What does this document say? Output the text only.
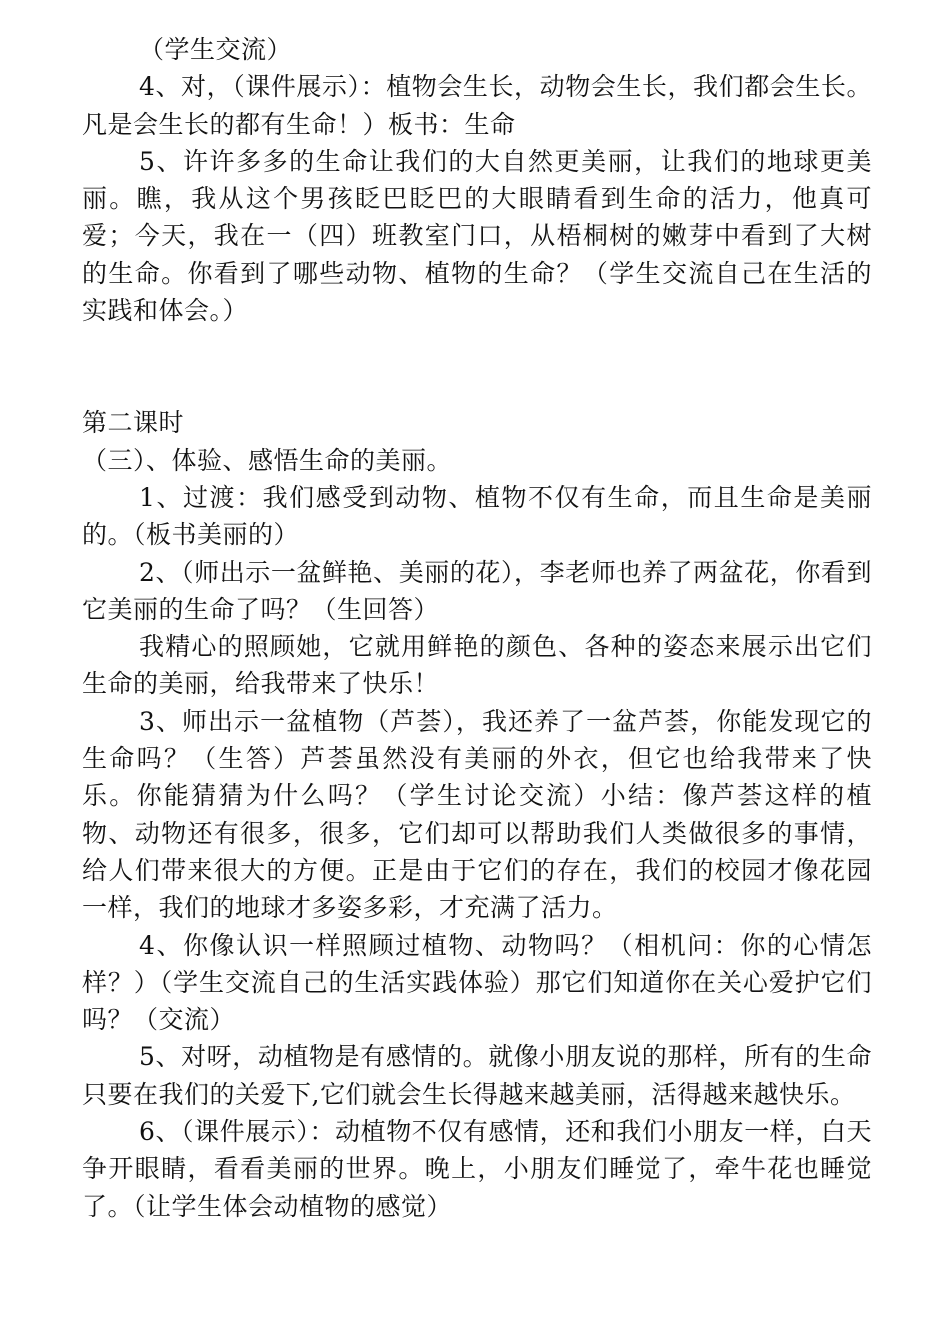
（学生交流）

4、对，（课件展示）：植物会生长，动物会生长，我们都会生长。凡是会生长的都有生命！）板书：生命

5、许许多多的生命让我们的大自然更美丽，让我们的地球更美丽。瞧，我从这个男孩眨巴眨巴的大眼睛看到生命的活力，他真可爱；今天，我在一（四）班教室门口，从梧桐树的嫩芽中看到了大树的生命。你看到了哪些动物、植物的生命？（学生交流自己在生活的实践和体会。）

第二课时

（三）、体验、感悟生命的美丽。

1、过渡：我们感受到动物、植物不仅有生命，而且生命是美丽的。（板书美丽的）

2、（师出示一盆鲜艳、美丽的花），李老师也养了两盆花，你看到它美丽的生命了吗？（生回答）

我精心的照顾她，它就用鲜艳的颜色、各种的姿态来展示出它们生命的美丽，给我带来了快乐！

3、师出示一盆植物（芦荟），我还养了一盆芦荟，你能发现它的生命吗？（生答）芦荟虽然没有美丽的外衣，但它也给我带来了快乐。你能猜猜为什么吗？（学生讨论交流）小结：像芦荟这样的植物、动物还有很多，很多，它们却可以帮助我们人类做很多的事情，给人们带来很大的方便。正是由于它们的存在，我们的校园才像花园一样，我们的地球才多姿多彩，才充满了活力。

4、你像认识一样照顾过植物、动物吗？（相机问：你的心情怎样？）（学生交流自己的生活实践体验）那它们知道你在关心爱护它们吗？（交流）

5、对呀，动植物是有感情的。就像小朋友说的那样，所有的生命只要在我们的关爱下,它们就会生长得越来越美丽，活得越来越快乐。

6、（课件展示）：动植物不仅有感情，还和我们小朋友一样，白天争开眼睛，看看美丽的世界。晚上，小朋友们睡觉了，牵牛花也睡觉了。（让学生体会动植物的感觉）
